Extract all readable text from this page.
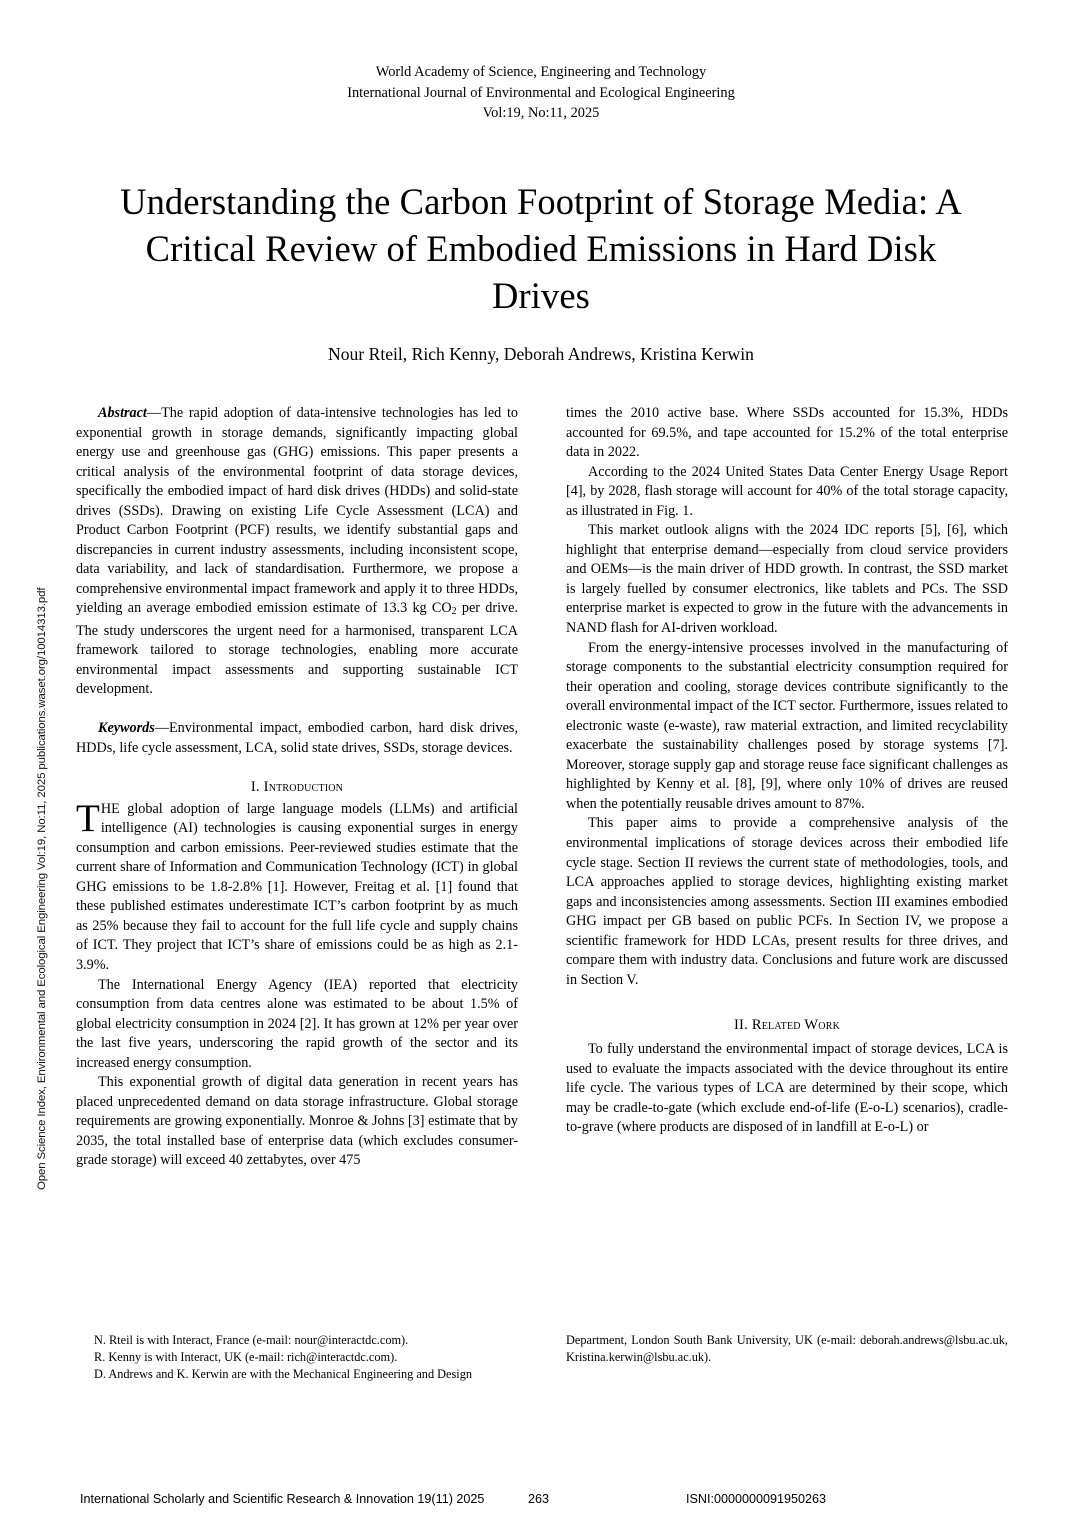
Open Science Index, Environmental and Ecological Engineering Vol:19, No:11, 2025 publications.waset.org/10014313.pdf
World Academy of Science, Engineering and Technology
International Journal of Environmental and Ecological Engineering
Vol:19, No:11, 2025
Understanding the Carbon Footprint of Storage Media: A Critical Review of Embodied Emissions in Hard Disk Drives
Nour Rteil, Rich Kenny, Deborah Andrews, Kristina Kerwin

Abstract—The rapid adoption of data-intensive technologies has led to exponential growth in storage demands, significantly impacting global energy use and greenhouse gas (GHG) emissions. This paper presents a critical analysis of the environmental footprint of data storage devices, specifically the embodied impact of hard disk drives (HDDs) and solid-state drives (SSDs). Drawing on existing Life Cycle Assessment (LCA) and Product Carbon Footprint (PCF) results, we identify substantial gaps and discrepancies in current industry assessments, including inconsistent scope, data variability, and lack of standardisation. Furthermore, we propose a comprehensive environmental impact framework and apply it to three HDDs, yielding an average embodied emission estimate of 13.3 kg $CO_2$ per drive. The study underscores the urgent need for a harmonised, transparent LCA framework tailored to storage technologies, enabling more accurate environmental impact assessments and supporting sustainable ICT development.

Keywords—Environmental impact, embodied carbon, hard disk drives, HDDs, life cycle assessment, LCA, solid state drives, SSDs, storage devices.

I. Introduction

THE global adoption of large language models (LLMs) and artificial intelligence (AI) technologies is causing exponential surges in energy consumption and carbon emissions. Peer-reviewed studies estimate that the current share of Information and Communication Technology (ICT) in global GHG emissions to be 1.8-2.8% [1]. However, Freitag et al. [1] found that these published estimates underestimate ICT’s carbon footprint by as much as 25% because they fail to account for the full life cycle and supply chains of ICT. They project that ICT’s share of emissions could be as high as 2.1-3.9%.

The International Energy Agency (IEA) reported that electricity consumption from data centres alone was estimated to be about 1.5% of global electricity consumption in 2024 [2]. It has grown at 12% per year over the last five years, underscoring the rapid growth of the sector and its increased energy consumption.

This exponential growth of digital data generation in recent years has placed unprecedented demand on data storage infrastructure. Global storage requirements are growing exponentially. Monroe & Johns [3] estimate that by 2035, the total installed base of enterprise data (which excludes consumer-grade storage) will exceed 40 zettabytes, over 475

times the 2010 active base. Where SSDs accounted for 15.3%, HDDs accounted for 69.5%, and tape accounted for 15.2% of the total enterprise data in 2022.

According to the 2024 United States Data Center Energy Usage Report [4], by 2028, flash storage will account for 40% of the total storage capacity, as illustrated in Fig. 1.

This market outlook aligns with the 2024 IDC reports [5], [6], which highlight that enterprise demand—especially from cloud service providers and OEMs—is the main driver of HDD growth. In contrast, the SSD market is largely fuelled by consumer electronics, like tablets and PCs. The SSD enterprise market is expected to grow in the future with the advancements in NAND flash for AI-driven workload.

From the energy-intensive processes involved in the manufacturing of storage components to the substantial electricity consumption required for their operation and cooling, storage devices contribute significantly to the overall environmental impact of the ICT sector. Furthermore, issues related to electronic waste (e-waste), raw material extraction, and limited recyclability exacerbate the sustainability challenges posed by storage systems [7]. Moreover, storage supply gap and storage reuse face significant challenges as highlighted by Kenny et al. [8], [9], where only 10% of drives are reused when the potentially reusable drives amount to 87%.

This paper aims to provide a comprehensive analysis of the environmental implications of storage devices across their embodied life cycle stage. Section II reviews the current state of methodologies, tools, and LCA approaches applied to storage devices, highlighting existing market gaps and inconsistencies among assessments. Section III examines embodied GHG impact per GB based on public PCFs. In Section IV, we propose a scientific framework for HDD LCAs, present results for three drives, and compare them with industry data. Conclusions and future work are discussed in Section V.

II. Related Work

To fully understand the environmental impact of storage devices, LCA is used to evaluate the impacts associated with the device throughout its entire life cycle. The various types of LCA are determined by their scope, which may be cradle-to-gate (which exclude end-of-life (E-o-L) scenarios), cradle-to-grave (where products are disposed of in landfill at E-o-L) or

N. Rteil is with Interact, France (e-mail: nour@interactdc.com).
R. Kenny is with Interact, UK (e-mail: rich@interactdc.com).
D. Andrews and K. Kerwin are with the Mechanical Engineering and Design
Department, London South Bank University, UK (e-mail: deborah.andrews@lsbu.ac.uk, Kristina.kerwin@lsbu.ac.uk).
International Scholarly and Scientific Research & Innovation 19(11) 2025	263	ISNI:0000000091950263
